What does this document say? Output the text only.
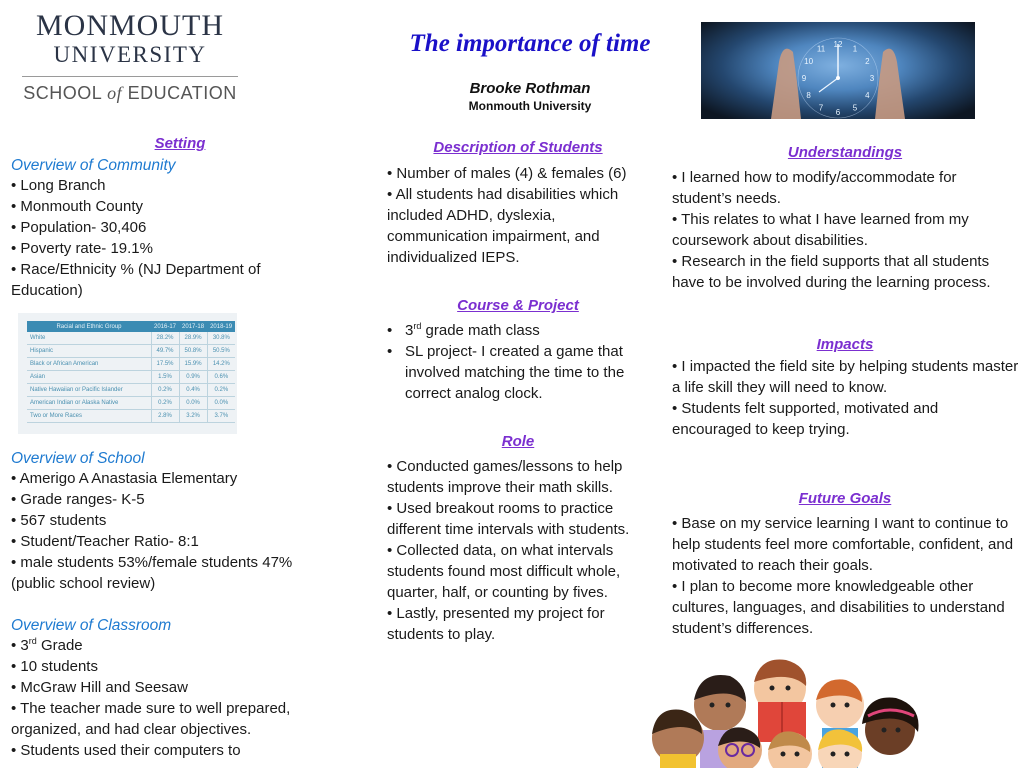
MONMOUTH
UNIVERSITY
SCHOOL of EDUCATION
The importance of time
Brooke Rothman
Monmouth University
12
1
2
3
4
5
6
7
8
9
10
11
Setting
Overview of Community

• Long Branch

• Monmouth County

• Population- 30,406

• Poverty rate- 19.1%

• Race/Ethnicity % (NJ Department of Education)

Racial and Ethnic Group	2016-17	2017-18	2018-19
White	28.2%	28.9%	30.8%
Hispanic	49.7%	50.8%	50.5%
Black or African American	17.5%	15.9%	14.2%
Asian	1.5%	0.9%	0.6%
Native Hawaiian or Pacific Islander	0.2%	0.4%	0.2%
American Indian or Alaska Native	0.2%	0.0%	0.0%
Two or More Races	2.8%	3.2%	3.7%
Overview of School

• Amerigo A Anastasia Elementary

• Grade ranges- K-5

• 567 students

• Student/Teacher Ratio- 8:1

• male students 53%/female students 47% (public school review)

Overview of Classroom

• 3rd Grade

• 10 students

• McGraw Hill and Seesaw

• The teacher made sure to well prepared, organized, and had clear objectives.

• Students used their computers to

Description of Students

• Number of males (4) & females (6)

• All students had disabilities which included ADHD, dyslexia, communication impairment, and individualized IEPS.

Course & Project
• 3rd grade math class
• SL project- I created a game that involved matching the time to the correct analog clock.
Role

• Conducted games/lessons to help students improve their math skills.

• Used breakout rooms to practice different time intervals with students.

• Collected data, on what intervals students found most difficult whole, quarter, half, or counting by fives.

• Lastly, presented my project for students to play.

Understandings

• I learned how to modify/accommodate for student’s needs.

• This relates to what I have learned from my coursework about disabilities.

• Research in the field supports that all students have to be involved during the learning process.

Impacts

• I impacted the field site by helping students master a life skill they will need to know.

• Students felt supported, motivated and encouraged to keep trying.

Future Goals

• Base on my service learning I want to continue to help students feel more comfortable, confident, and motivated to reach their goals.

• I plan to become more knowledgeable other cultures, languages, and disabilities to understand student’s differences.
